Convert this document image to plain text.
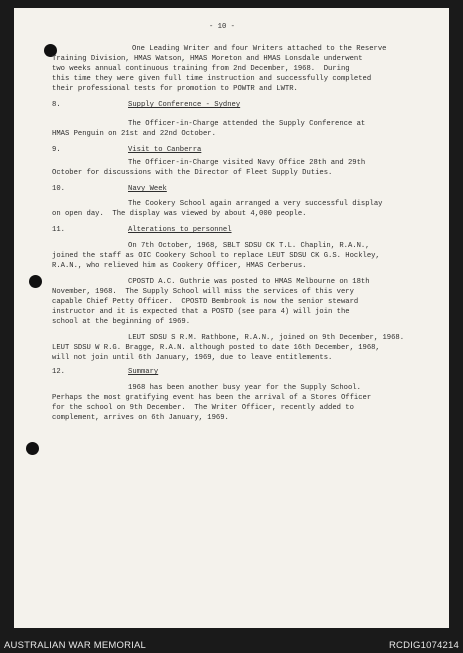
- 10 -
One Leading Writer and four Writers attached to the Reserve
Training Division, HMAS Watson, HMAS Moreton and HMAS Lonsdale underwent
two weeks annual continuous training from 2nd December, 1968.  During
this time they were given full time instruction and successfully completed
their professional tests for promotion to POWTR and LWTR.
8.	Supply Conference - Sydney
The Officer-in-Charge attended the Supply Conference at
HMAS Penguin on 21st and 22nd October.
9.	Visit to Canberra
The Officer-in-Charge visited Navy Office 28th and 29th
October for discussions with the Director of Fleet Supply Duties.
10.	Navy Week
The Cookery School again arranged a very successful display
on open day.  The display was viewed by about 4,000 people.
11.	Alterations to personnel
On 7th October, 1968, SBLT SDSU CK T.L. Chaplin, R.A.N.,
joined the staff as OIC Cookery School to replace LEUT SDSU CK G.S. Hockley,
R.A.N., who relieved him as Cookery Officer, HMAS Cerberus.
CPOSTD A.C. Guthrie was posted to HMAS Melbourne on 18th
November, 1968.  The Supply School will miss the services of this very
capable Chief Petty Officer.  CPOSTD Bembrook is now the senior steward
instructor and it is expected that a POSTD (see para 4) will join the
school at the beginning of 1969.
LEUT SDSU S R.M. Rathbone, R.A.N., joined on 9th December, 1968.
LEUT SDSU W R.G. Bragge, R.A.N. although posted to date 16th December, 1968,
will not join until 6th January, 1969, due to leave entitlements.
12.	Summary
1968 has been another busy year for the Supply School.
Perhaps the most gratifying event has been the arrival of a Stores Officer
for the school on 9th December.  The Writer Officer, recently added to
complement, arrives on 6th January, 1969.
AUSTRALIAN WAR MEMORIAL	RCDIG1074214
